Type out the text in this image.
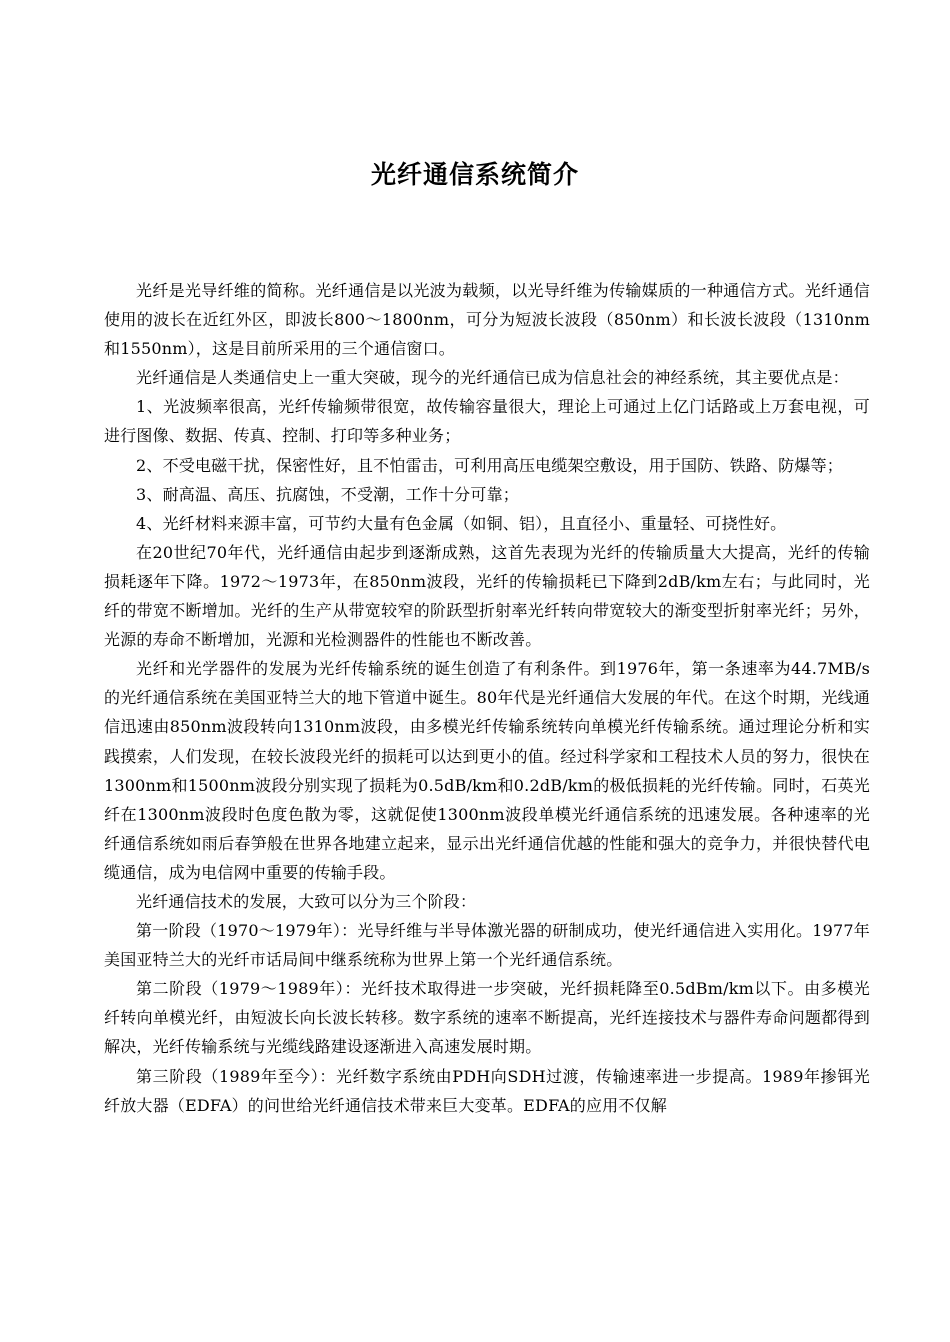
光纤通信系统简介

光纤是光导纤维的简称。光纤通信是以光波为载频，以光导纤维为传输媒质的一种通信方式。光纤通信使用的波长在近红外区，即波长800～1800nm，可分为短波长波段（850nm）和长波长波段（1310nm和1550nm），这是目前所采用的三个通信窗口。

光纤通信是人类通信史上一重大突破，现今的光纤通信已成为信息社会的神经系统，其主要优点是：

1、光波频率很高，光纤传输频带很宽，故传输容量很大，理论上可通过上亿门话路或上万套电视，可进行图像、数据、传真、控制、打印等多种业务；

2、不受电磁干扰，保密性好，且不怕雷击，可利用高压电缆架空敷设，用于国防、铁路、防爆等；

3、耐高温、高压、抗腐蚀，不受潮，工作十分可靠；

4、光纤材料来源丰富，可节约大量有色金属（如铜、铝），且直径小、重量轻、可挠性好。

在20世纪70年代，光纤通信由起步到逐渐成熟，这首先表现为光纤的传输质量大大提高，光纤的传输损耗逐年下降。1972～1973年，在850nm波段，光纤的传输损耗已下降到2dB/km左右；与此同时，光纤的带宽不断增加。光纤的生产从带宽较窄的阶跃型折射率光纤转向带宽较大的渐变型折射率光纤；另外，光源的寿命不断增加，光源和光检测器件的性能也不断改善。

光纤和光学器件的发展为光纤传输系统的诞生创造了有利条件。到1976年，第一条速率为44.7MB/s的光纤通信系统在美国亚特兰大的地下管道中诞生。80年代是光纤通信大发展的年代。在这个时期，光线通信迅速由850nm波段转向1310nm波段，由多模光纤传输系统转向单模光纤传输系统。通过理论分析和实践摸索，人们发现，在较长波段光纤的损耗可以达到更小的值。经过科学家和工程技术人员的努力，很快在1300nm和1500nm波段分别实现了损耗为0.5dB/km和0.2dB/km的极低损耗的光纤传输。同时，石英光纤在1300nm波段时色度色散为零，这就促使1300nm波段单模光纤通信系统的迅速发展。各种速率的光纤通信系统如雨后春笋般在世界各地建立起来，显示出光纤通信优越的性能和强大的竞争力，并很快替代电缆通信，成为电信网中重要的传输手段。

光纤通信技术的发展，大致可以分为三个阶段：

第一阶段（1970～1979年）：光导纤维与半导体激光器的研制成功，使光纤通信进入实用化。1977年美国亚特兰大的光纤市话局间中继系统称为世界上第一个光纤通信系统。

第二阶段（1979～1989年）：光纤技术取得进一步突破，光纤损耗降至0.5dBm/km以下。由多模光纤转向单模光纤，由短波长向长波长转移。数字系统的速率不断提高，光纤连接技术与器件寿命问题都得到解决，光纤传输系统与光缆线路建设逐渐进入高速发展时期。

第三阶段（1989年至今）：光纤数字系统由PDH向SDH过渡，传输速率进一步提高。1989年掺铒光纤放大器（EDFA）的问世给光纤通信技术带来巨大变革。EDFA的应用不仅解
